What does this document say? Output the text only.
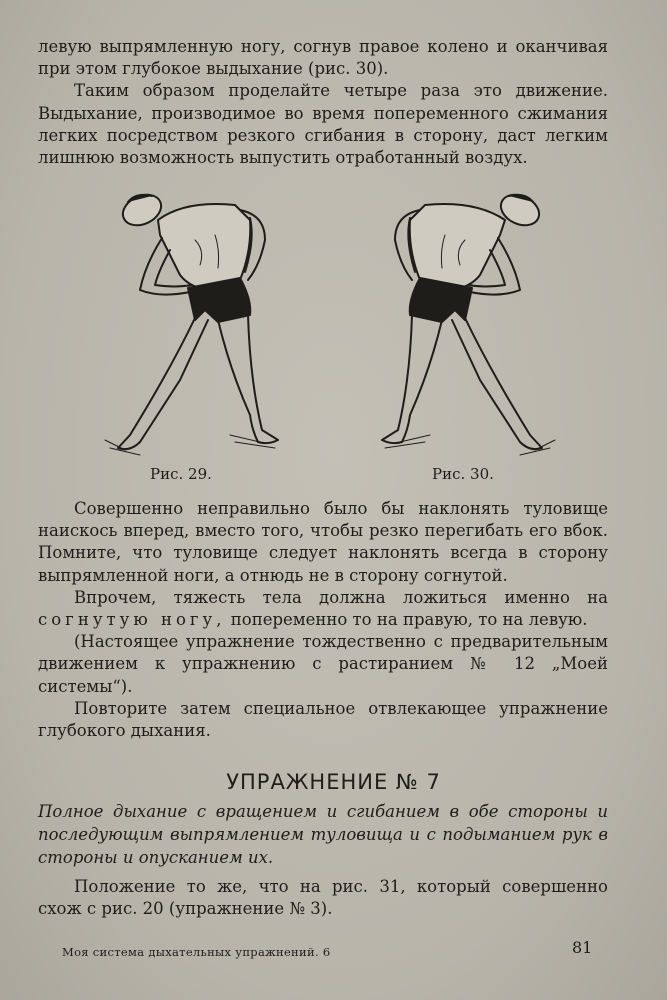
левую выпрямленную ногу, согнув правое колено и оканчивая при этом глубокое выдыхание (рис. 30).

Таким образом проделайте четыре раза это движение. Выдыхание, производимое во время попеременного сжимания легких посредством резкого сгибания в сторону, даст легким лишнюю возможность выпустить отработанный воздух.

Рис. 29.	Рис. 30.

Совершенно неправильно было бы наклонять туловище наискось вперед, вместо того, чтобы резко перегибать его вбок. Помните, что туловище следует наклонять всегда в сторону выпрямленной ноги, а отнюдь не в сторону согнутой.

Впрочем, тяжесть тела должна ложиться именно на согнутую ногу, попеременно то на правую, то на левую.

(Настоящее упражнение тождественно с предварительным движением к упражнению с растиранием № 12 „Моей системы“).

Повторите затем специальное отвлекающее упражнение глубокого дыхания.

УПРАЖНЕНИЕ № 7
Полное дыхание с вращением и сгибанием в обе стороны и последующим выпрямлением туловища и с подыманием рук в стороны и опусканием их.

Положение то же, что на рис. 31, который совершенно схож с рис. 20 (упражнение № 3).

Моя система дыхательных упражнений. 6	81
